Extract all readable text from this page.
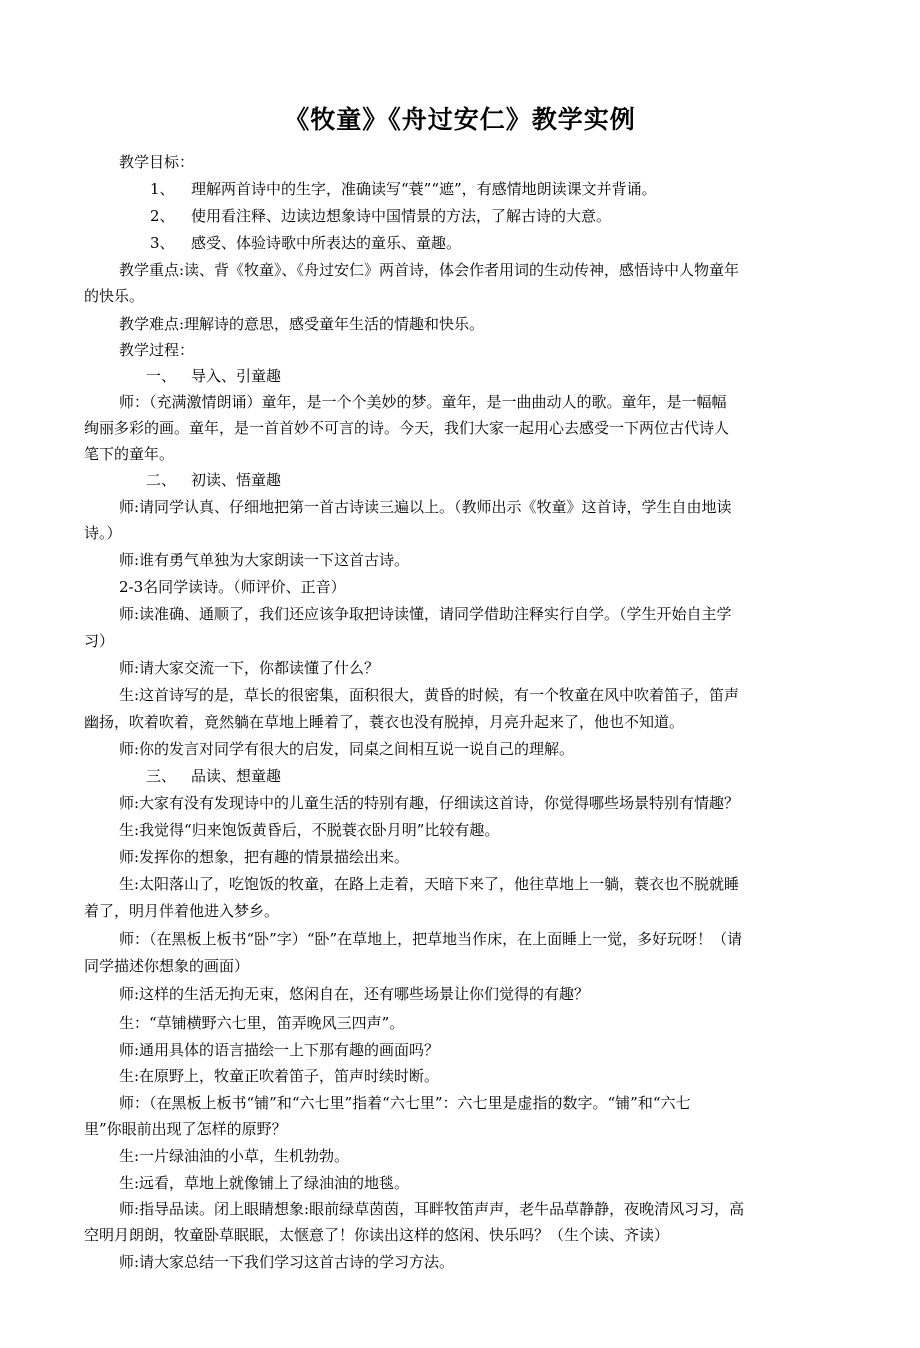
《牧童》《舟过安仁》教学实例
教学目标：
1、 理解两首诗中的生字，准确读写“蓑”“遮”，有感情地朗读课文并背诵。
2、 使用看注释、边读边想象诗中国情景的方法，了解古诗的大意。
3、 感受、体验诗歌中所表达的童乐、童趣。
教学重点:读、背《牧童》、《舟过安仁》两首诗，体会作者用词的生动传神，感悟诗中人物童年
的快乐。
教学难点:理解诗的意思，感受童年生活的情趣和快乐。
教学过程：
一、 导入、引童趣
师：（充满激情朗诵）童年，是一个个美妙的梦。童年，是一曲曲动人的歌。童年，是一幅幅
绚丽多彩的画。童年，是一首首妙不可言的诗。今天，我们大家一起用心去感受一下两位古代诗人
笔下的童年。
二、 初读、悟童趣
师:请同学认真、仔细地把第一首古诗读三遍以上。（教师出示《牧童》这首诗，学生自由地读
诗。）
师:谁有勇气单独为大家朗读一下这首古诗。
2-3名同学读诗。（师评价、正音）
师:读准确、通顺了，我们还应该争取把诗读懂，请同学借助注释实行自学。（学生开始自主学
习）
师:请大家交流一下，你都读懂了什么？
生:这首诗写的是，草长的很密集，面积很大，黄昏的时候，有一个牧童在风中吹着笛子，笛声
幽扬，吹着吹着，竟然躺在草地上睡着了，蓑衣也没有脱掉，月亮升起来了，他也不知道。
师:你的发言对同学有很大的启发，同桌之间相互说一说自己的理解。
三、 品读、想童趣
师:大家有没有发现诗中的儿童生活的特别有趣，仔细读这首诗，你觉得哪些场景特别有情趣？
生:我觉得“归来饱饭黄昏后，不脱蓑衣卧月明”比较有趣。
师:发挥你的想象，把有趣的情景描绘出来。
生:太阳落山了，吃饱饭的牧童，在路上走着，天暗下来了，他往草地上一躺，蓑衣也不脱就睡
着了，明月伴着他进入梦乡。
师：（在黑板上板书“卧”字）“卧”在草地上，把草地当作床，在上面睡上一觉，多好玩呀！（请
同学描述你想象的画面）
师:这样的生活无拘无束，悠闲自在，还有哪些场景让你们觉得的有趣？
生：“草铺横野六七里，笛弄晚风三四声”。
师:通用具体的语言描绘一上下那有趣的画面吗？
生:在原野上，牧童正吹着笛子，笛声时续时断。
师：（在黑板上板书“铺”和“六七里”指着“六七里”：六七里是虚指的数字。“铺”和“六七
里”你眼前出现了怎样的原野？
生:一片绿油油的小草，生机勃勃。
生:远看，草地上就像铺上了绿油油的地毯。
师:指导品读。闭上眼睛想象:眼前绿草茵茵，耳畔牧笛声声，老牛品草静静，夜晚清风习习，高
空明月朗朗，牧童卧草眠眠，太惬意了！你读出这样的悠闲、快乐吗？（生个读、齐读）
师:请大家总结一下我们学习这首古诗的学习方法。
